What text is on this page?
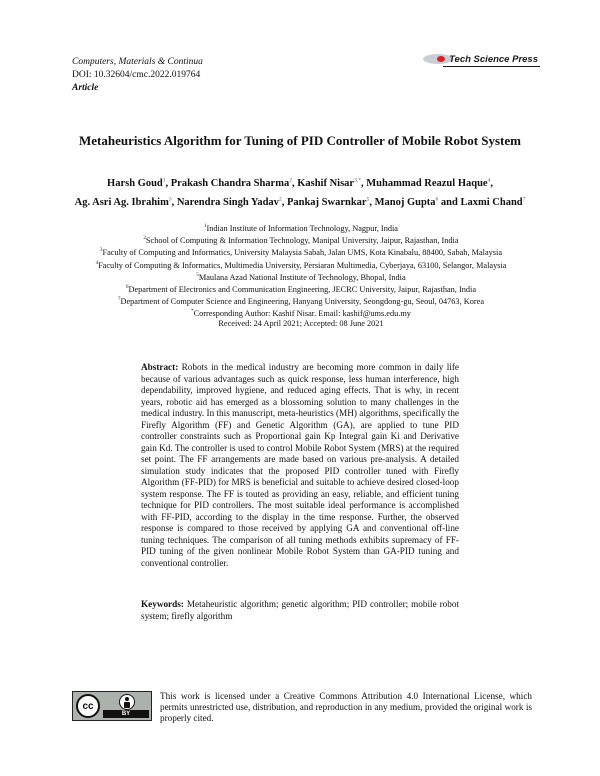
Computers, Materials & Continua
DOI: 10.32604/cmc.2022.019764
Article
Tech Science Press
Metaheuristics Algorithm for Tuning of PID Controller of Mobile Robot System
Harsh Goud$^1$, Prakash Chandra Sharma$^2$, Kashif Nisar$^{3,*}$, Muhammad Reazul Haque$^4$,
Ag. Asri Ag. Ibrahim$^3$, Narendra Singh Yadav$^2$, Pankaj Swarnkar$^5$, Manoj Gupta$^6$ and Laxmi Chand$^7$
$^1$Indian Institute of Information Technology, Nagpur, India
$^2$School of Computing & Information Technology, Manipal University, Jaipur, Rajasthan, India
$^3$Faculty of Computing and Informatics, University Malaysia Sabah, Jalan UMS, Kota Kinabalu, 88400, Sabah, Malaysia
$^4$Faculty of Computing & Informatics, Multimedia University, Persiaran Multimedia, Cyberjaya, 63100, Selangor, Malaysia
$^5$Maulana Azad National Institute of Technology, Bhopal, India
$^6$Department of Electronics and Communication Engineering, JECRC University, Jaipur, Rajasthan, India
$^7$Department of Computer Science and Engineering, Hanyang University, Seongdong-gu, Seoul, 04763, Korea
*Corresponding Author: Kashif Nisar. Email: kashif@ums.edu.my
Received: 24 April 2021; Accepted: 08 June 2021
Abstract: Robots in the medical industry are becoming more common in daily life because of various advantages such as quick response, less human interference, high dependability, improved hygiene, and reduced aging effects. That is why, in recent years, robotic aid has emerged as a blossoming solution to many challenges in the medical industry. In this manuscript, meta-heuristics (MH) algorithms, specifically the Firefly Algorithm (FF) and Genetic Algorithm (GA), are applied to tune PID controller constraints such as Proportional gain Kp Integral gain Ki and Derivative gain Kd. The controller is used to control Mobile Robot System (MRS) at the required set point. The FF arrangements are made based on various pre-analysis. A detailed simulation study indicates that the proposed PID controller tuned with Firefly Algorithm (FF-PID) for MRS is beneficial and suitable to achieve desired closed-loop system response. The FF is touted as providing an easy, reliable, and efficient tuning technique for PID controllers. The most suitable ideal performance is accomplished with FF-PID, according to the display in the time response. Further, the observed response is compared to those received by applying GA and conventional off-line tuning techniques. The comparison of all tuning methods exhibits supremacy of FF-PID tuning of the given nonlinear Mobile Robot System than GA-PID tuning and conventional controller.
Keywords: Metaheuristic algorithm; genetic algorithm; PID controller; mobile robot system; firefly algorithm
cc
BY
This work is licensed under a Creative Commons Attribution 4.0 International License, which permits unrestricted use, distribution, and reproduction in any medium, provided the original work is properly cited.
